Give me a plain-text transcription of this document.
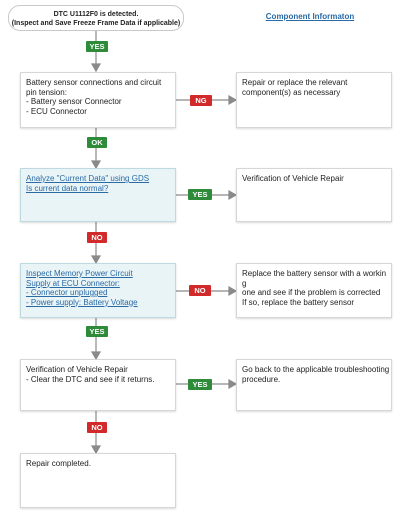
DTC U1112F0 is detected.
(Inspect and Save Freeze Frame Data if applicable)
Component Informaton
YES
Battery sensor connections and circuit
pin tension:
- Battery sensor Connector
- ECU Connector
NG
Repair or replace the relevant
component(s) as necessary
OK
Analyze "Current Data" using GDS
Is current data normal?
YES
Verification of Vehicle Repair
NO
Inspect Memory Power Circuit
Supply at ECU Connector:
- Connector unplugged
- Power supply: Battery Voltage
NO
Replace the battery sensor with a workin
g
one and see if the problem is corrected
If so, replace the battery sensor
YES
Verification of Vehicle Repair
- Clear the DTC and see if it returns.
YES
Go back to the applicable troubleshooting
procedure.
NO
Repair completed.
